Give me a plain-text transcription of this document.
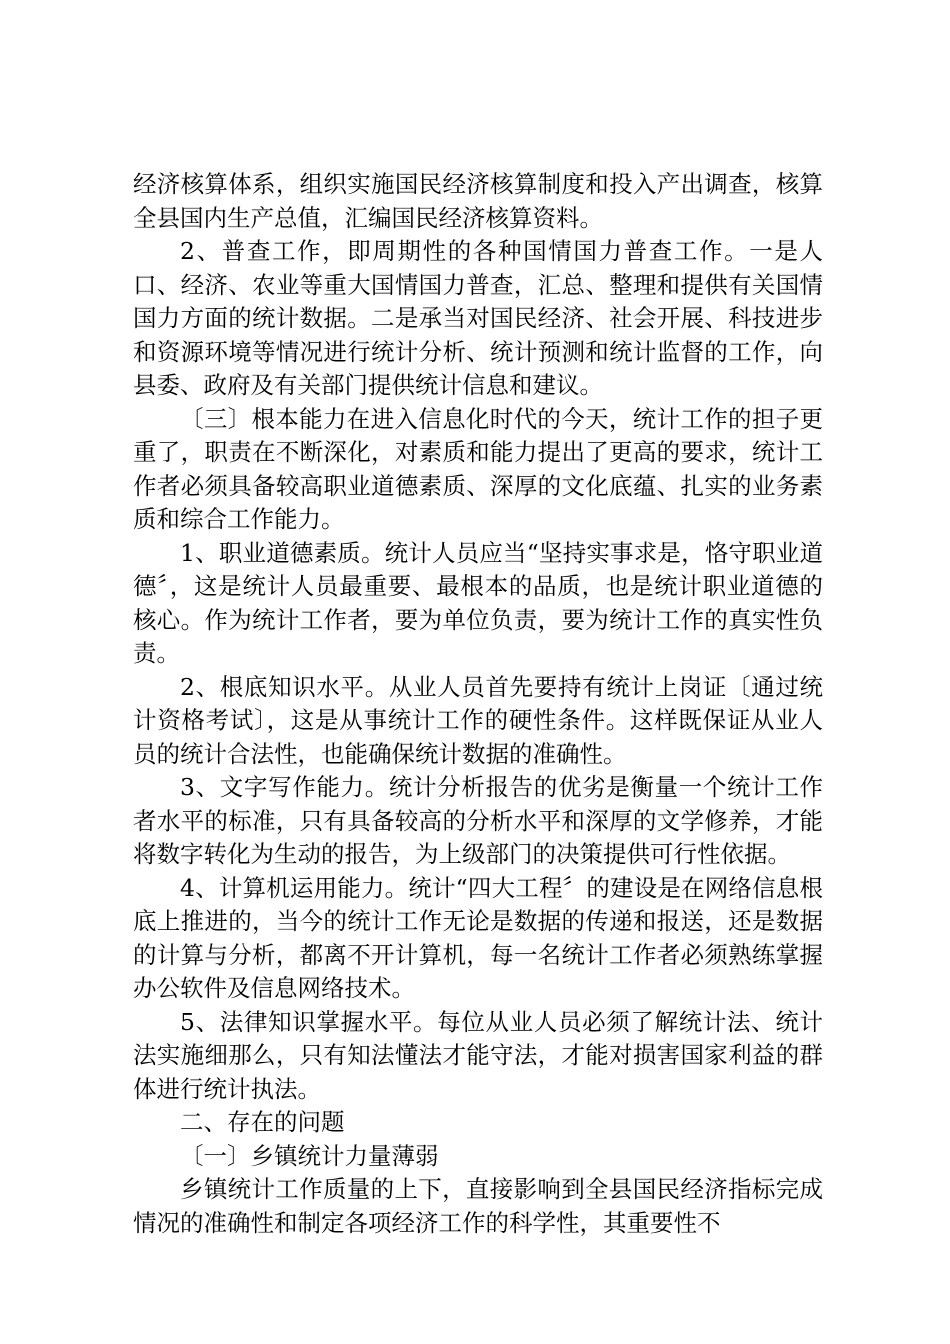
经济核算体系，组织实施国民经济核算制度和投入产出调查，核算全县国内生产总值，汇编国民经济核算资料。

2、普查工作，即周期性的各种国情国力普查工作。一是人口、经济、农业等重大国情国力普查，汇总、整理和提供有关国情国力方面的统计数据。二是承当对国民经济、社会开展、科技进步和资源环境等情况进行统计分析、统计预测和统计监督的工作，向县委、政府及有关部门提供统计信息和建议。

〔三〕根本能力在进入信息化时代的今天，统计工作的担子更重了，职责在不断深化，对素质和能力提出了更高的要求，统计工作者必须具备较高职业道德素质、深厚的文化底蕴、扎实的业务素质和综合工作能力。

1、职业道德素质。统计人员应当“坚持实事求是，恪守职业道德〞，这是统计人员最重要、最根本的品质，也是统计职业道德的核心。作为统计工作者，要为单位负责，要为统计工作的真实性负责。

2、根底知识水平。从业人员首先要持有统计上岗证〔通过统计资格考试〕，这是从事统计工作的硬性条件。这样既保证从业人员的统计合法性，也能确保统计数据的准确性。

3、文字写作能力。统计分析报告的优劣是衡量一个统计工作者水平的标准，只有具备较高的分析水平和深厚的文学修养，才能将数字转化为生动的报告，为上级部门的决策提供可行性依据。

4、计算机运用能力。统计“四大工程〞的建设是在网络信息根底上推进的，当今的统计工作无论是数据的传递和报送，还是数据的计算与分析，都离不开计算机，每一名统计工作者必须熟练掌握办公软件及信息网络技术。

5、法律知识掌握水平。每位从业人员必须了解统计法、统计法实施细那么，只有知法懂法才能守法，才能对损害国家利益的群体进行统计执法。

二、存在的问题

〔一〕乡镇统计力量薄弱

乡镇统计工作质量的上下，直接影响到全县国民经济指标完成情况的准确性和制定各项经济工作的科学性，其重要性不
